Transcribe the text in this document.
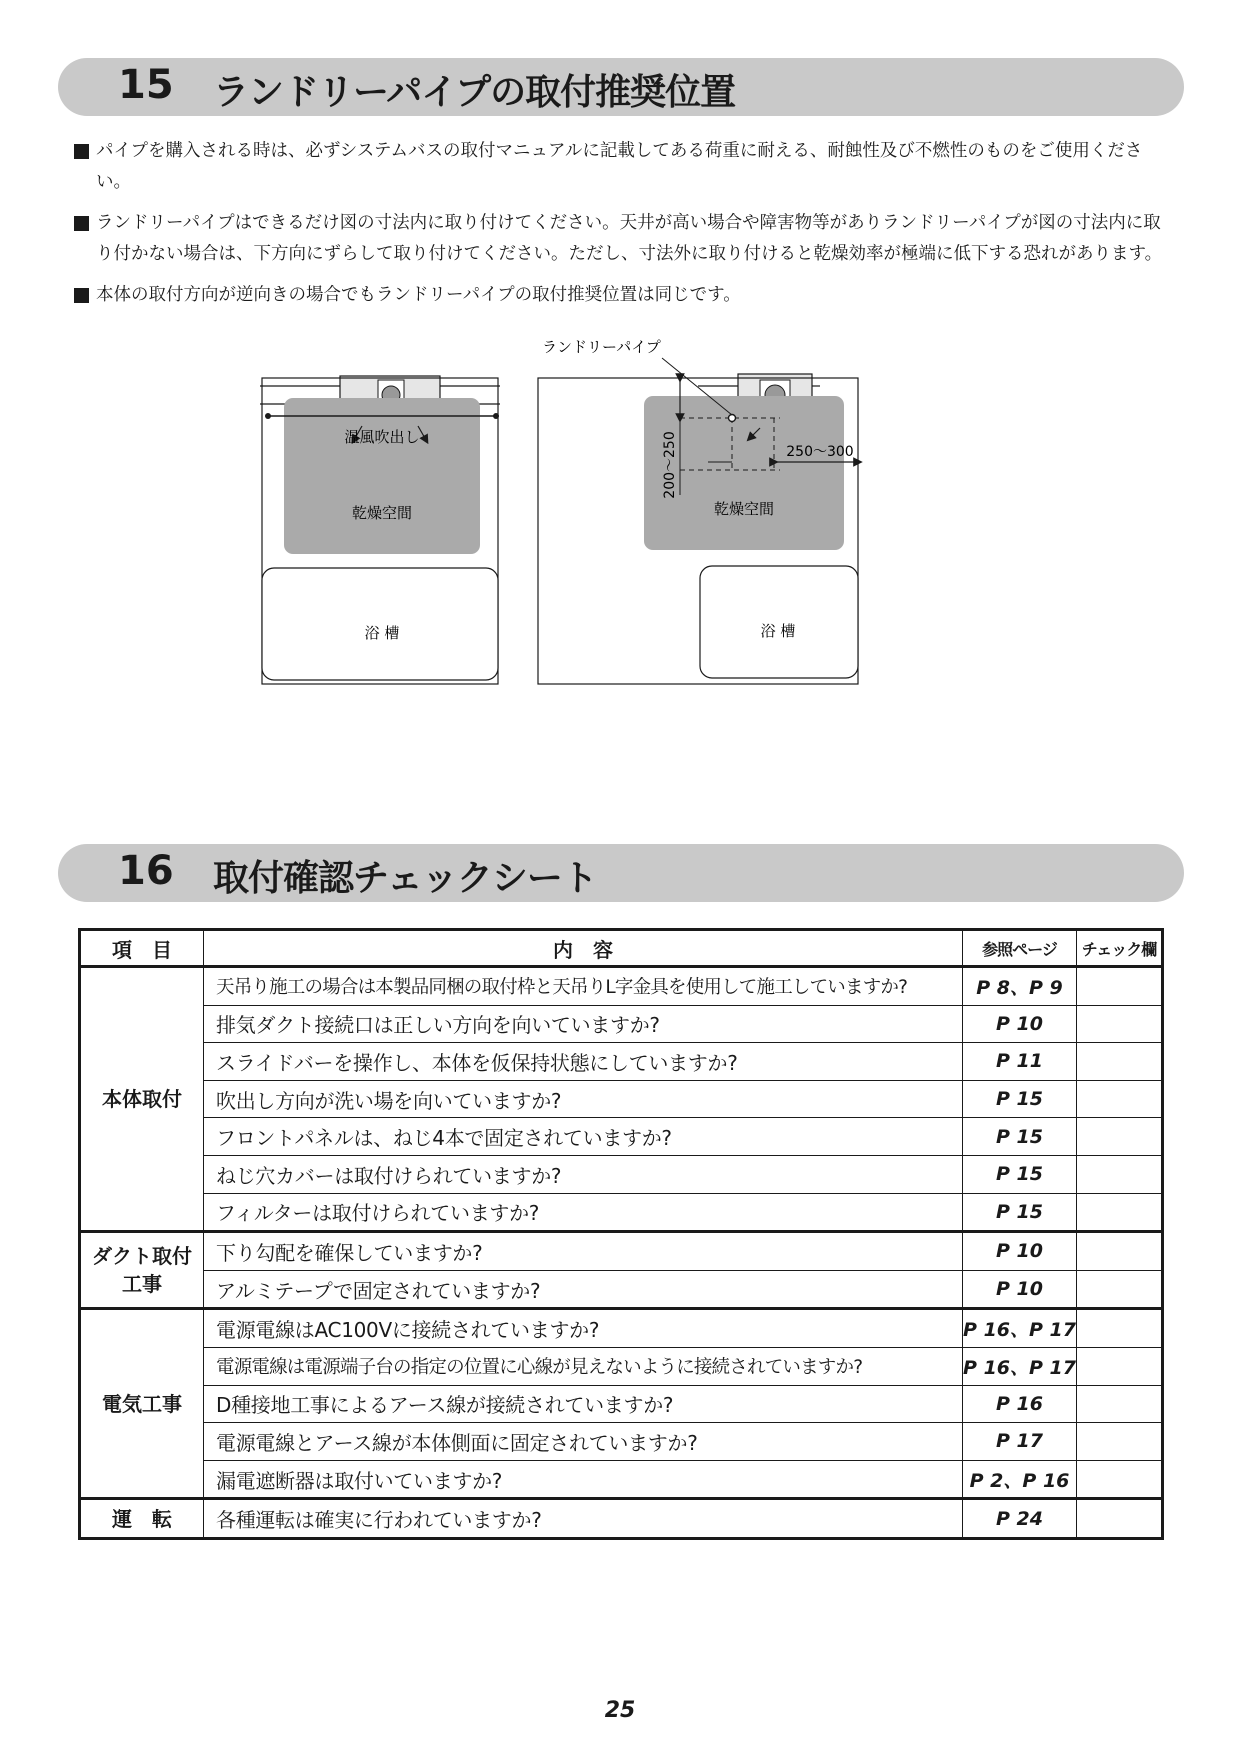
15 ランドリーパイプの取付推奨位置
パイプを購入される時は、必ずシステムバスの取付マニュアルに記載してある荷重に耐える、耐蝕性及び不燃性のものをご使用ください。
ランドリーパイプはできるだけ図の寸法内に取り付けてください。天井が高い場合や障害物等がありランドリーパイプが図の寸法内に取り付かない場合は、下方向にずらして取り付けてください。ただし、寸法外に取り付けると乾燥効率が極端に低下する恐れがあります。
本体の取付方向が逆向きの場合でもランドリーパイプの取付推奨位置は同じです。
温風吹出し
乾燥空間
浴 槽
ランドリーパイプ
200〜250	250〜300
乾燥空間
浴 槽
16 取付確認チェックシート
項　目	内　容	参照ページ	チェック欄
本体取付	天吊り施工の場合は本製品同梱の取付枠と天吊りL字金具を使用して施工していますか?	P 8、P 9	
	排気ダクト接続口は正しい方向を向いていますか?	P 10	
	スライドバーを操作し、本体を仮保持状態にしていますか?	P 11	
	吹出し方向が洗い場を向いていますか?	P 15	
	フロントパネルは、ねじ4本で固定されていますか?	P 15	
	ねじ穴カバーは取付けられていますか?	P 15	
	フィルターは取付けられていますか?	P 15	
ダクト取付工事	下り勾配を確保していますか?	P 10	
	アルミテープで固定されていますか?	P 10	
電気工事	電源電線はAC100Vに接続されていますか?	P 16、P 17	
	電源電線は電源端子台の指定の位置に心線が見えないように接続されていますか?	P 16、P 17	
	D種接地工事によるアース線が接続されていますか?	P 16	
	電源電線とアース線が本体側面に固定されていますか?	P 17	
	漏電遮断器は取付いていますか?	P 2、P 16	
運　転	各種運転は確実に行われていますか?	P 24	
25
